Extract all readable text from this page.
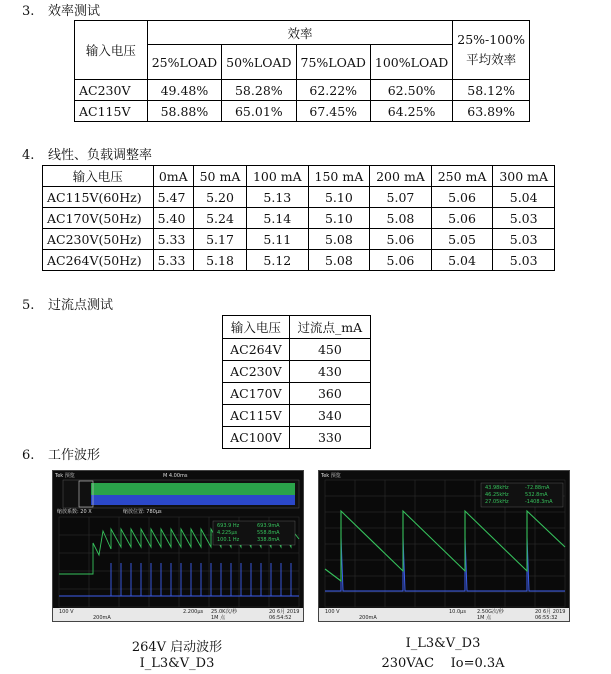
3. 效率测试
输入电压	效率				25%-100%
平均效率
	25%LOAD	50%LOAD	75%LOAD	100%LOAD	
AC230V	49.48%	58.28%	62.22%	62.50%	58.12%
AC115V	58.88%	65.01%	67.45%	64.25%	63.89%
4. 线性、负载调整率
输入电压	0mA	50 mA	100 mA	150 mA	200 mA	250 mA	300 mA
AC115V(60Hz)	5.47	5.20	5.13	5.10	5.07	5.06	5.04
AC170V(50Hz)	5.40	5.24	5.14	5.10	5.08	5.06	5.03
AC230V(50Hz)	5.33	5.17	5.11	5.08	5.06	5.05	5.03
AC264V(50Hz)	5.33	5.18	5.12	5.08	5.06	5.04	5.03
5. 过流点测试
输入电压	过流点_mA
AC264V	450
AC230V	430
AC170V	360
AC115V	340
AC100V	330
6. 工作波形
Tek 预览	M 4.00ms
缩放系数: 20 X	缩放位置: 780μs
693.9 Hz	693.9mA
4.225μs	558.8mA
100.1 Hz	338.8mA
100 V
200mA
2.200μs 25.0K次/秒
1M 点
20 6月 2019
06:54:52
Tek 预览
43.98kHz	-72.88mA
46.25kHz	532.8mA
27.05kHz	-1408.3mA
100 V
200mA
10.0μs 2.50G次/秒
1M 点
20 6月 2019
06:55:32
264V 启动波形
I_L3&V_D3
I_L3&V_D3
230VAC    Io=0.3A
